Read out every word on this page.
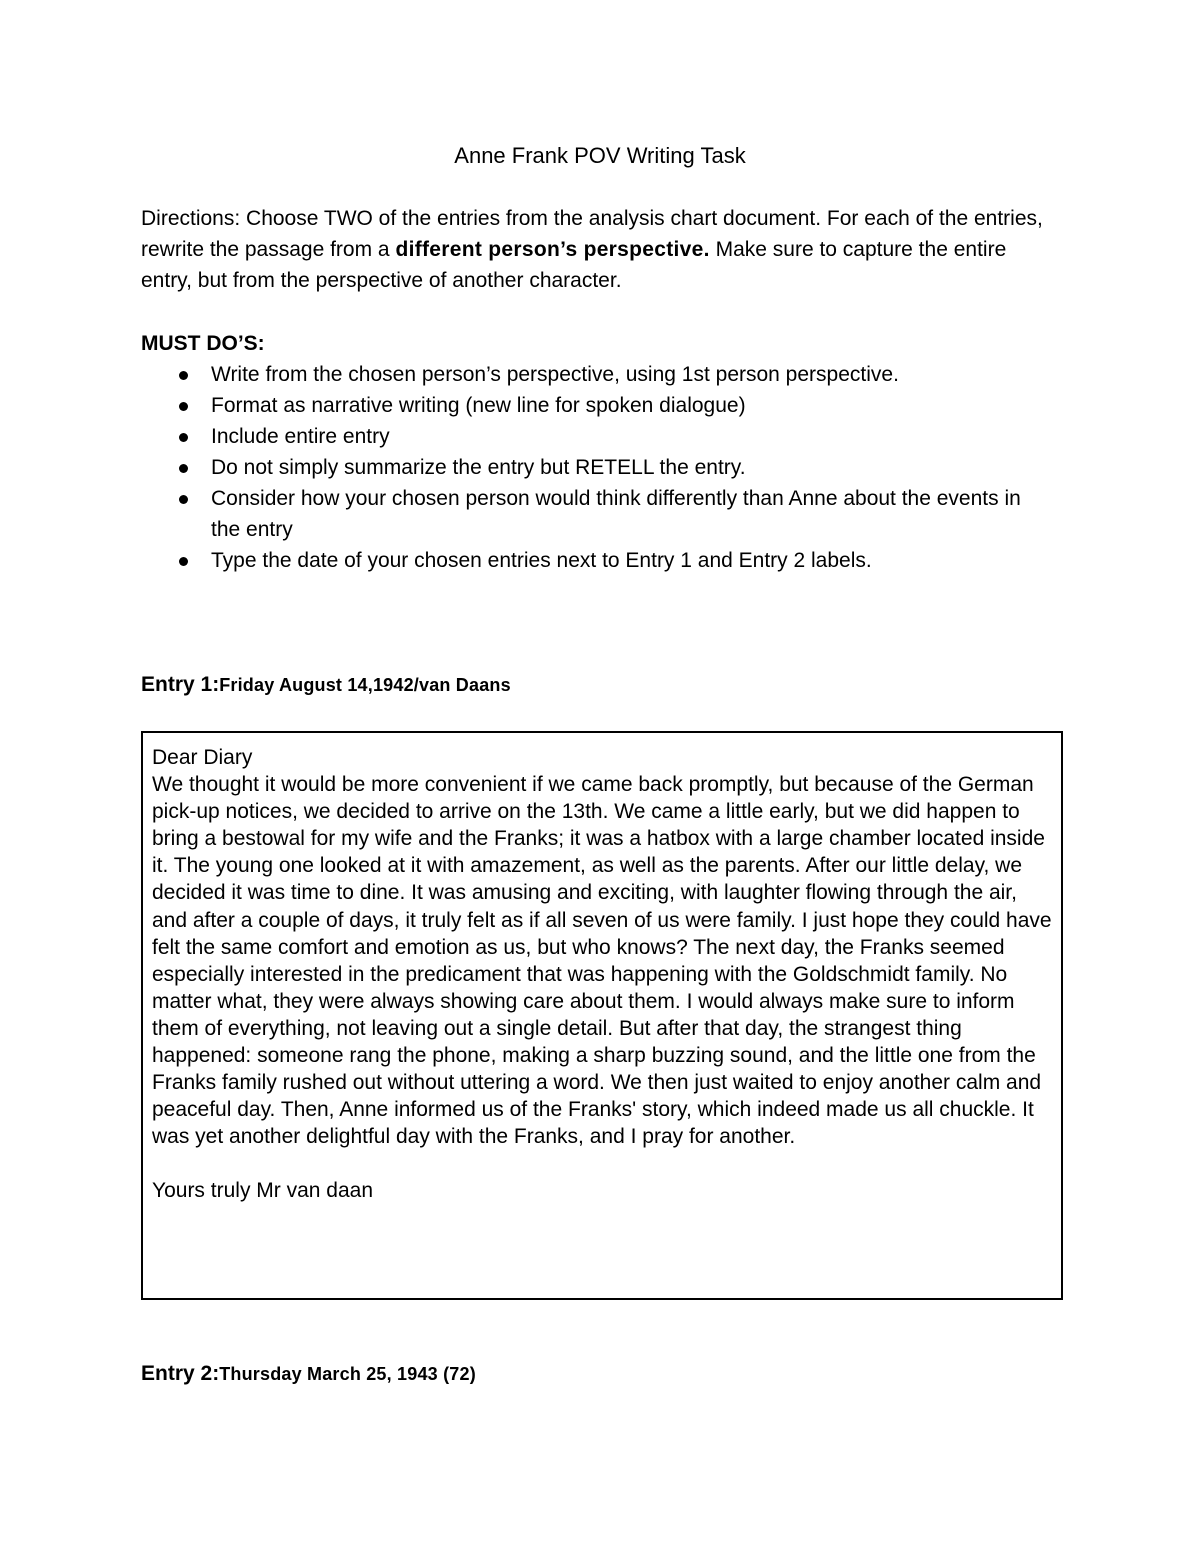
Anne Frank POV Writing Task
Directions: Choose TWO of the entries from the analysis chart document. For each of the entries, rewrite the passage from a different person’s perspective. Make sure to capture the entire entry, but from the perspective of another character.
MUST DO’S:
Write from the chosen person’s perspective, using 1st person perspective.
Format as narrative writing (new line for spoken dialogue)
Include entire entry
Do not simply summarize the entry but RETELL the entry.
Consider how your chosen person would think differently than Anne about the events in the entry
Type the date of your chosen entries next to Entry 1 and Entry 2 labels.
Entry 1:Friday August 14,1942/van Daans

Dear Diary

We thought it would be more convenient if we came back promptly, but because of the German pick-up notices, we decided to arrive on the 13th. We came a little early, but we did happen to bring a bestowal for my wife and the Franks; it was a hatbox with a large chamber located inside it. The young one looked at it with amazement, as well as the parents. After our little delay, we decided it was time to dine. It was amusing and exciting, with laughter flowing through the air, and after a couple of days, it truly felt as if all seven of us were family. I just hope they could have felt the same comfort and emotion as us, but who knows? The next day, the Franks seemed especially interested in the predicament that was happening with the Goldschmidt family. No matter what, they were always showing care about them. I would always make sure to inform them of everything, not leaving out a single detail. But after that day, the strangest thing happened: someone rang the phone, making a sharp buzzing sound, and the little one from the Franks family rushed out without uttering a word. We then just waited to enjoy another calm and peaceful day. Then, Anne informed us of the Franks' story, which indeed made us all chuckle. It was yet another delightful day with the Franks, and I pray for another.

Yours truly Mr van daan

Entry 2:Thursday March 25, 1943 (72)
